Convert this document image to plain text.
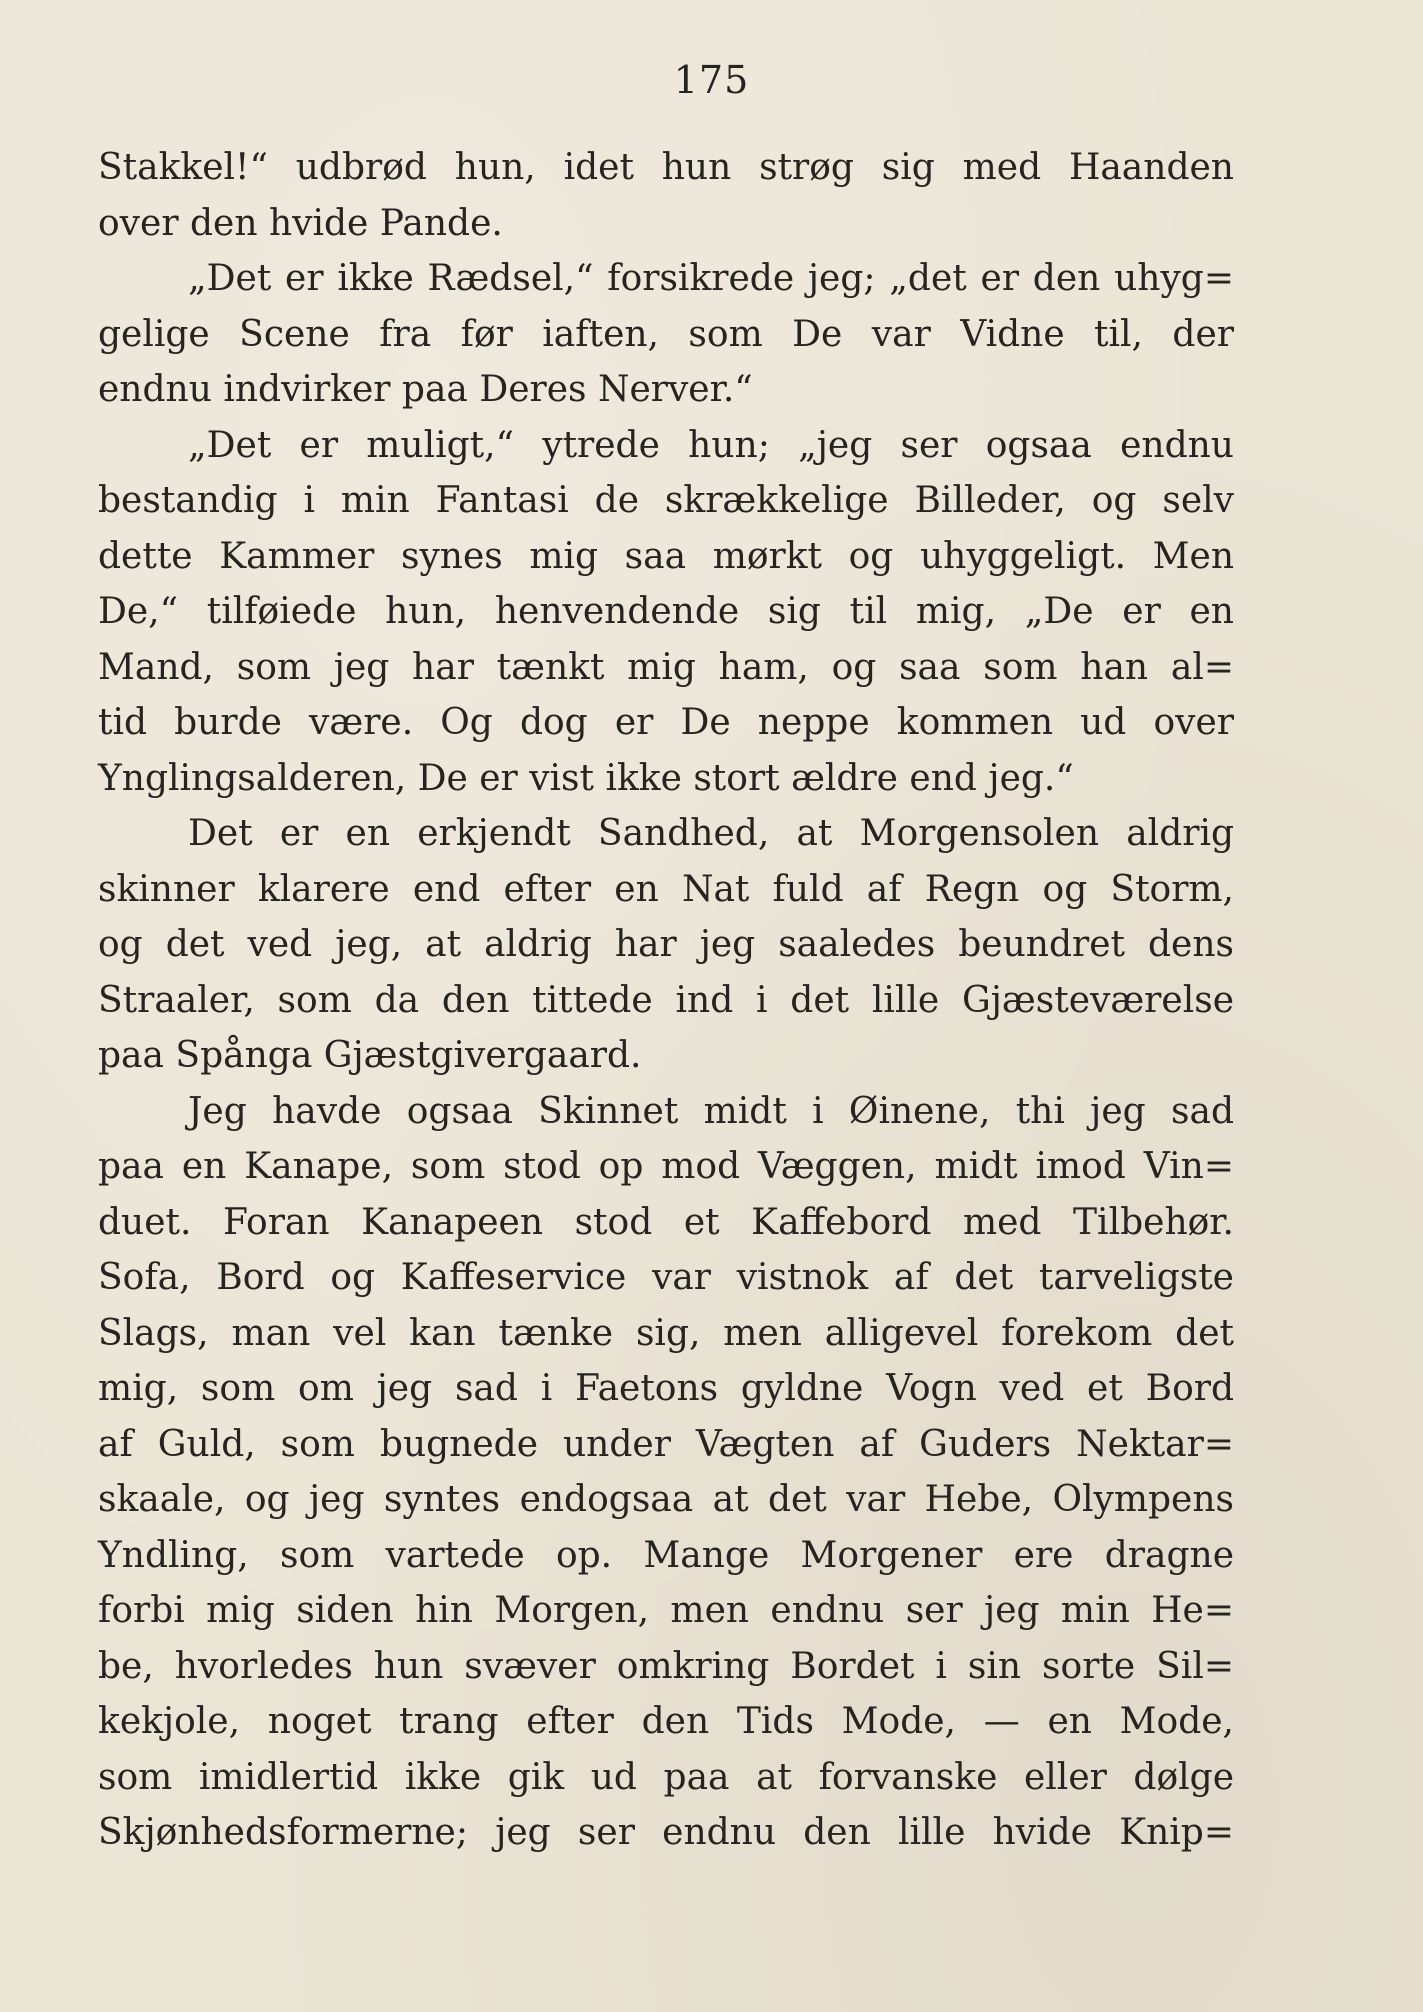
175
Stakkel!“ udbrød hun, idet hun strøg sig med Haanden
over den hvide Pande.
„Det er ikke Rædsel,“ forsikrede jeg; „det er den uhyg=
gelige Scene fra før iaften, som De var Vidne til, der
endnu indvirker paa Deres Nerver.“
„Det er muligt,“ ytrede hun; „jeg ser ogsaa endnu
bestandig i min Fantasi de skrækkelige Billeder, og selv
dette Kammer synes mig saa mørkt og uhyggeligt. Men
De,“ tilføiede hun, henvendende sig til mig, „De er en
Mand, som jeg har tænkt mig ham, og saa som han al=
tid burde være. Og dog er De neppe kommen ud over
Ynglingsalderen, De er vist ikke stort ældre end jeg.“
Det er en erkjendt Sandhed, at Morgensolen aldrig
skinner klarere end efter en Nat fuld af Regn og Storm,
og det ved jeg, at aldrig har jeg saaledes beundret dens
Straaler, som da den tittede ind i det lille Gjæsteværelse
paa Spånga Gjæstgivergaard.
Jeg havde ogsaa Skinnet midt i Øinene, thi jeg sad
paa en Kanape, som stod op mod Væggen, midt imod Vin=
duet. Foran Kanapeen stod et Kaffebord med Tilbehør.
Sofa, Bord og Kaffeservice var vistnok af det tarveligste
Slags, man vel kan tænke sig, men alligevel forekom det
mig, som om jeg sad i Faetons gyldne Vogn ved et Bord
af Guld, som bugnede under Vægten af Guders Nektar=
skaale, og jeg syntes endogsaa at det var Hebe, Olympens
Yndling, som vartede op. Mange Morgener ere dragne
forbi mig siden hin Morgen, men endnu ser jeg min He=
be, hvorledes hun svæver omkring Bordet i sin sorte Sil=
kekjole, noget trang efter den Tids Mode, — en Mode,
som imidlertid ikke gik ud paa at forvanske eller dølge
Skjønhedsformerne; jeg ser endnu den lille hvide Knip=
